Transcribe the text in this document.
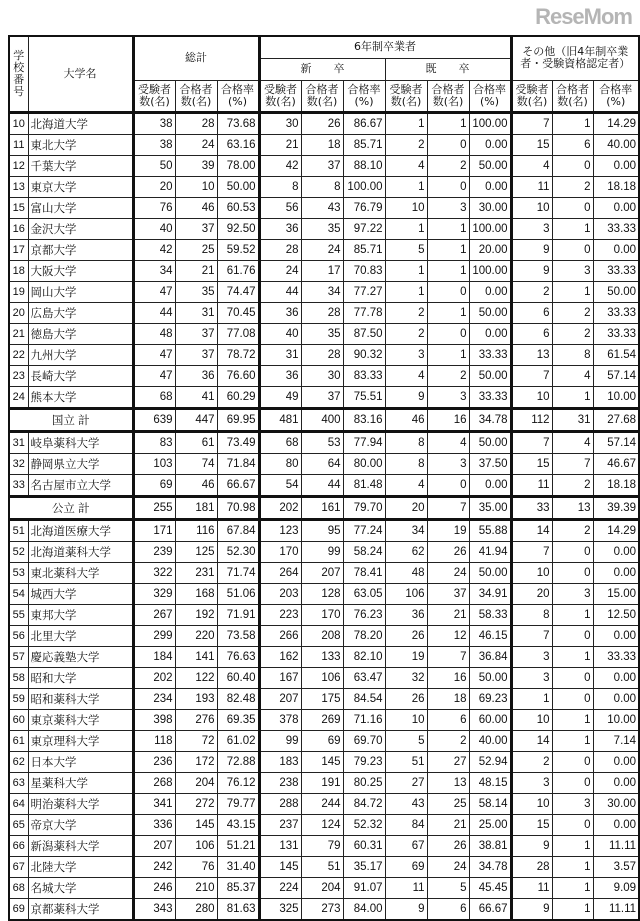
ReseMom
学校番号	大学名	総計			6年制卒業者						その他（旧4年制卒業者・受験資格認定者）		
					新　　卒			既　　卒					
		受験者数(名)	合格者数(名)	合格率(%)	受験者数(名)	合格者数(名)	合格率(%)	受験者数(名)	合格者数(名)	合格率(%)	受験者数(名)	合格者数(名)	合格率(%)
10	北海道大学	38	28	73.68	30	26	86.67	1	1	100.00	7	1	14.29
11	東北大学	38	24	63.16	21	18	85.71	2	0	0.00	15	6	40.00
12	千葉大学	50	39	78.00	42	37	88.10	4	2	50.00	4	0	0.00
13	東京大学	20	10	50.00	8	8	100.00	1	0	0.00	11	2	18.18
15	富山大学	76	46	60.53	56	43	76.79	10	3	30.00	10	0	0.00
16	金沢大学	40	37	92.50	36	35	97.22	1	1	100.00	3	1	33.33
17	京都大学	42	25	59.52	28	24	85.71	5	1	20.00	9	0	0.00
18	大阪大学	34	21	61.76	24	17	70.83	1	1	100.00	9	3	33.33
19	岡山大学	47	35	74.47	44	34	77.27	1	0	0.00	2	1	50.00
20	広島大学	44	31	70.45	36	28	77.78	2	1	50.00	6	2	33.33
21	徳島大学	48	37	77.08	40	35	87.50	2	0	0.00	6	2	33.33
22	九州大学	47	37	78.72	31	28	90.32	3	1	33.33	13	8	61.54
23	長崎大学	47	36	76.60	36	30	83.33	4	2	50.00	7	4	57.14
24	熊本大学	68	41	60.29	49	37	75.51	9	3	33.33	10	1	10.00
国立 計		639	447	69.95	481	400	83.16	46	16	34.78	112	31	27.68
31	岐阜薬科大学	83	61	73.49	68	53	77.94	8	4	50.00	7	4	57.14
32	静岡県立大学	103	74	71.84	80	64	80.00	8	3	37.50	15	7	46.67
33	名古屋市立大学	69	46	66.67	54	44	81.48	4	0	0.00	11	2	18.18
公立 計		255	181	70.98	202	161	79.70	20	7	35.00	33	13	39.39
51	北海道医療大学	171	116	67.84	123	95	77.24	34	19	55.88	14	2	14.29
52	北海道薬科大学	239	125	52.30	170	99	58.24	62	26	41.94	7	0	0.00
53	東北薬科大学	322	231	71.74	264	207	78.41	48	24	50.00	10	0	0.00
54	城西大学	329	168	51.06	203	128	63.05	106	37	34.91	20	3	15.00
55	東邦大学	267	192	71.91	223	170	76.23	36	21	58.33	8	1	12.50
56	北里大学	299	220	73.58	266	208	78.20	26	12	46.15	7	0	0.00
57	慶応義塾大学	184	141	76.63	162	133	82.10	19	7	36.84	3	1	33.33
58	昭和大学	202	122	60.40	167	106	63.47	32	16	50.00	3	0	0.00
59	昭和薬科大学	234	193	82.48	207	175	84.54	26	18	69.23	1	0	0.00
60	東京薬科大学	398	276	69.35	378	269	71.16	10	6	60.00	10	1	10.00
61	東京理科大学	118	72	61.02	99	69	69.70	5	2	40.00	14	1	7.14
62	日本大学	236	172	72.88	183	145	79.23	51	27	52.94	2	0	0.00
63	星薬科大学	268	204	76.12	238	191	80.25	27	13	48.15	3	0	0.00
64	明治薬科大学	341	272	79.77	288	244	84.72	43	25	58.14	10	3	30.00
65	帝京大学	336	145	43.15	237	124	52.32	84	21	25.00	15	0	0.00
66	新潟薬科大学	207	106	51.21	131	79	60.31	67	26	38.81	9	1	11.11
67	北陸大学	242	76	31.40	145	51	35.17	69	24	34.78	28	1	3.57
68	名城大学	246	210	85.37	224	204	91.07	11	5	45.45	11	1	9.09
69	京都薬科大学	343	280	81.63	325	273	84.00	9	6	66.67	9	1	11.11
